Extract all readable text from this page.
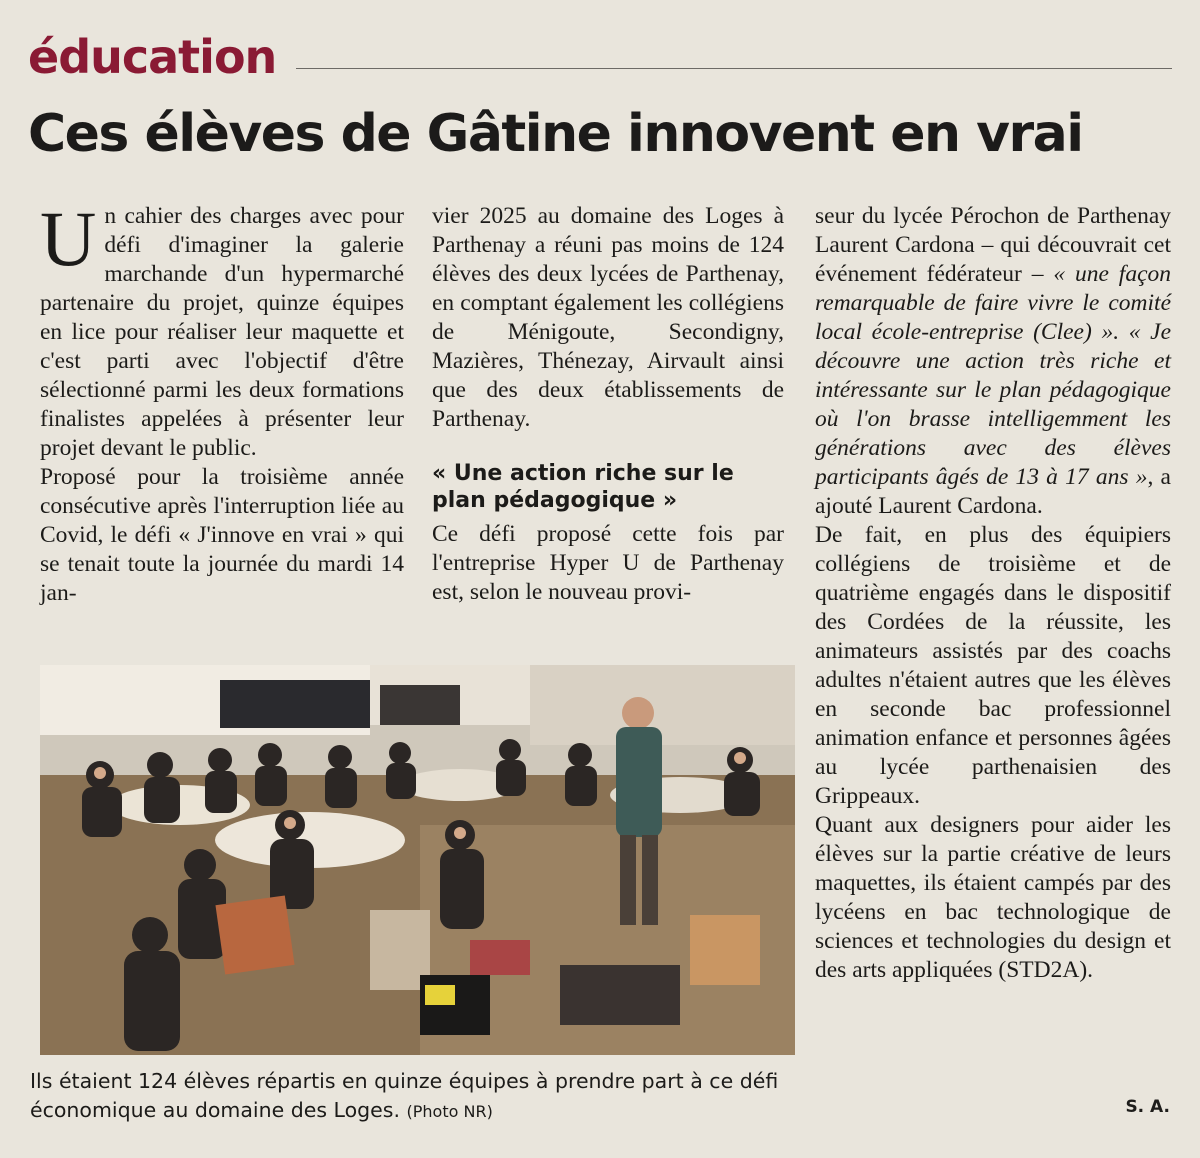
éducation
Ces élèves de Gâtine innovent en vrai

Un cahier des charges avec pour défi d'imaginer la galerie marchande d'un hypermarché partenaire du projet, quinze équipes en lice pour réaliser leur maquette et c'est parti avec l'objectif d'être sélectionné parmi les deux formations finalistes appelées à présenter leur projet devant le public.

Proposé pour la troisième année consécutive après l'interruption liée au Covid, le défi « J'innove en vrai » qui se tenait toute la journée du mardi 14 jan-

vier 2025 au domaine des Loges à Parthenay a réuni pas moins de 124 élèves des deux lycées de Parthenay, en comptant également les collégiens de Ménigoute, Secondigny, Mazières, Thénezay, Airvault ainsi que des deux établissements de Parthenay.

« Une action riche sur le plan pédagogique »

Ce défi proposé cette fois par l'entreprise Hyper U de Parthenay est, selon le nouveau provi-

seur du lycée Pérochon de Parthenay Laurent Cardona – qui découvrait cet événement fédérateur – « une façon remarquable de faire vivre le comité local école-entreprise (Clee) ». « Je découvre une action très riche et intéressante sur le plan pédagogique où l'on brasse intelligemment les générations avec des élèves participants âgés de 13 à 17 ans », a ajouté Laurent Cardona.

De fait, en plus des équipiers collégiens de troisième et de quatrième engagés dans le dispositif des Cordées de la réussite, les animateurs assistés par des coachs adultes n'étaient autres que les élèves en seconde bac professionnel animation enfance et personnes âgées au lycée parthenaisien des Grippeaux.

Quant aux designers pour aider les élèves sur la partie créative de leurs maquettes, ils étaient campés par des lycéens en bac technologique de sciences et technologies du design et des arts appliquées (STD2A).

Ils étaient 124 élèves répartis en quinze équipes à prendre part à ce défi économique au domaine des Loges. (Photo NR)	S. A.
